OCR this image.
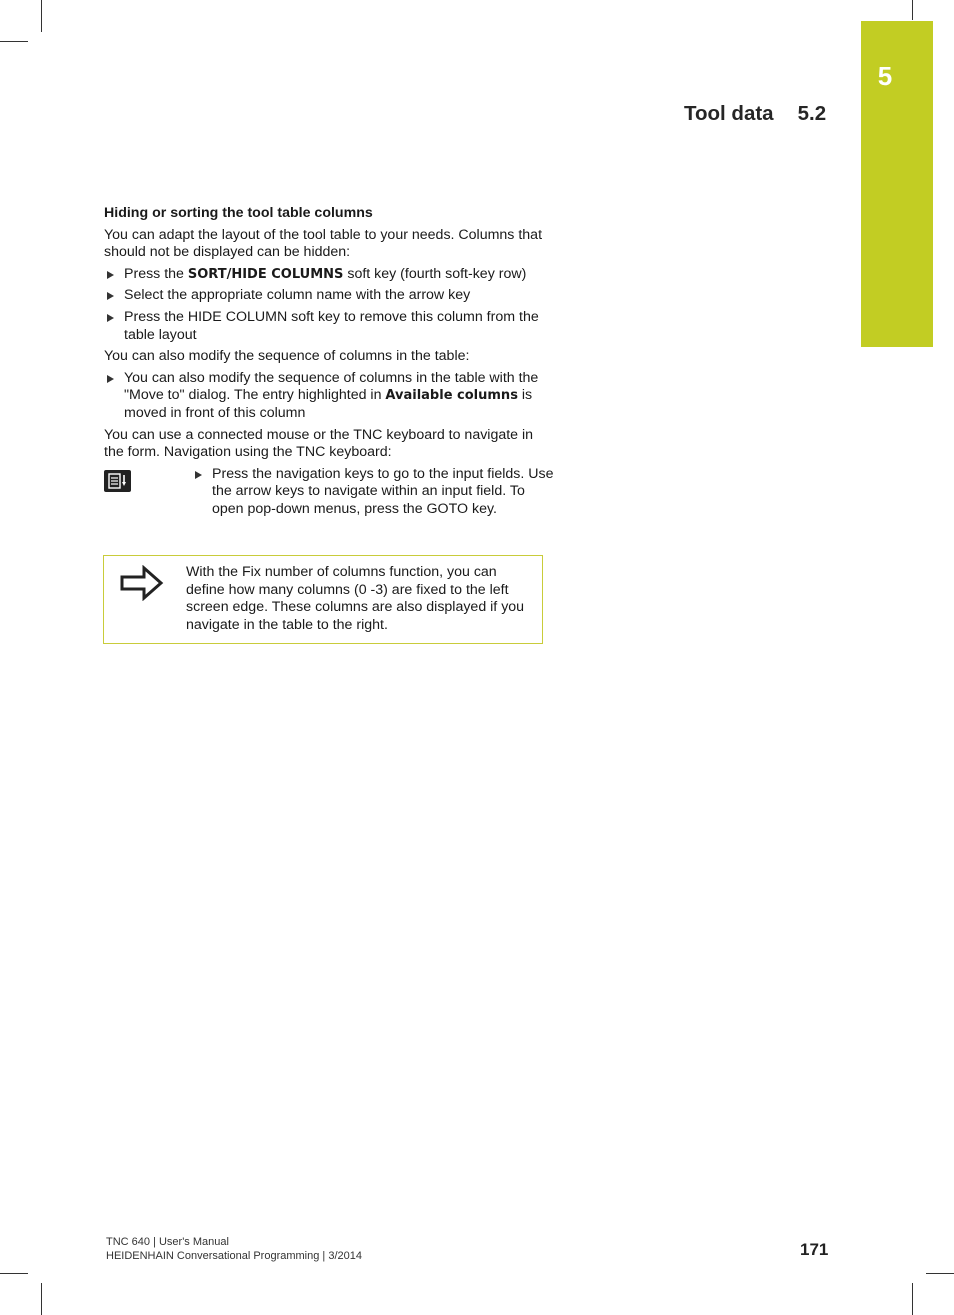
5
Tool data 5.2
Hiding or sorting the tool table columns

You can adapt the layout of the tool table to your needs. Columns that should not be displayed can be hidden:

Press the SORT/HIDE COLUMNS soft key (fourth soft-key row)
Select the appropriate column name with the arrow key
Press the HIDE COLUMN soft key to remove this column from the table layout

You can also modify the sequence of columns in the table:

You can also modify the sequence of columns in the table with the "Move to" dialog. The entry highlighted in Available columns is moved in front of this column

You can use a connected mouse or the TNC keyboard to navigate in the form. Navigation using the TNC keyboard:

Press the navigation keys to go to the input fields. Use the arrow keys to navigate within an input field. To open pop-down menus, press the GOTO key.
With the Fix number of columns function, you can define how many columns (0 -3) are fixed to the left screen edge. These columns are also displayed if you navigate in the table to the right.
TNC 640 | User's Manual
HEIDENHAIN Conversational Programming | 3/2014	171
